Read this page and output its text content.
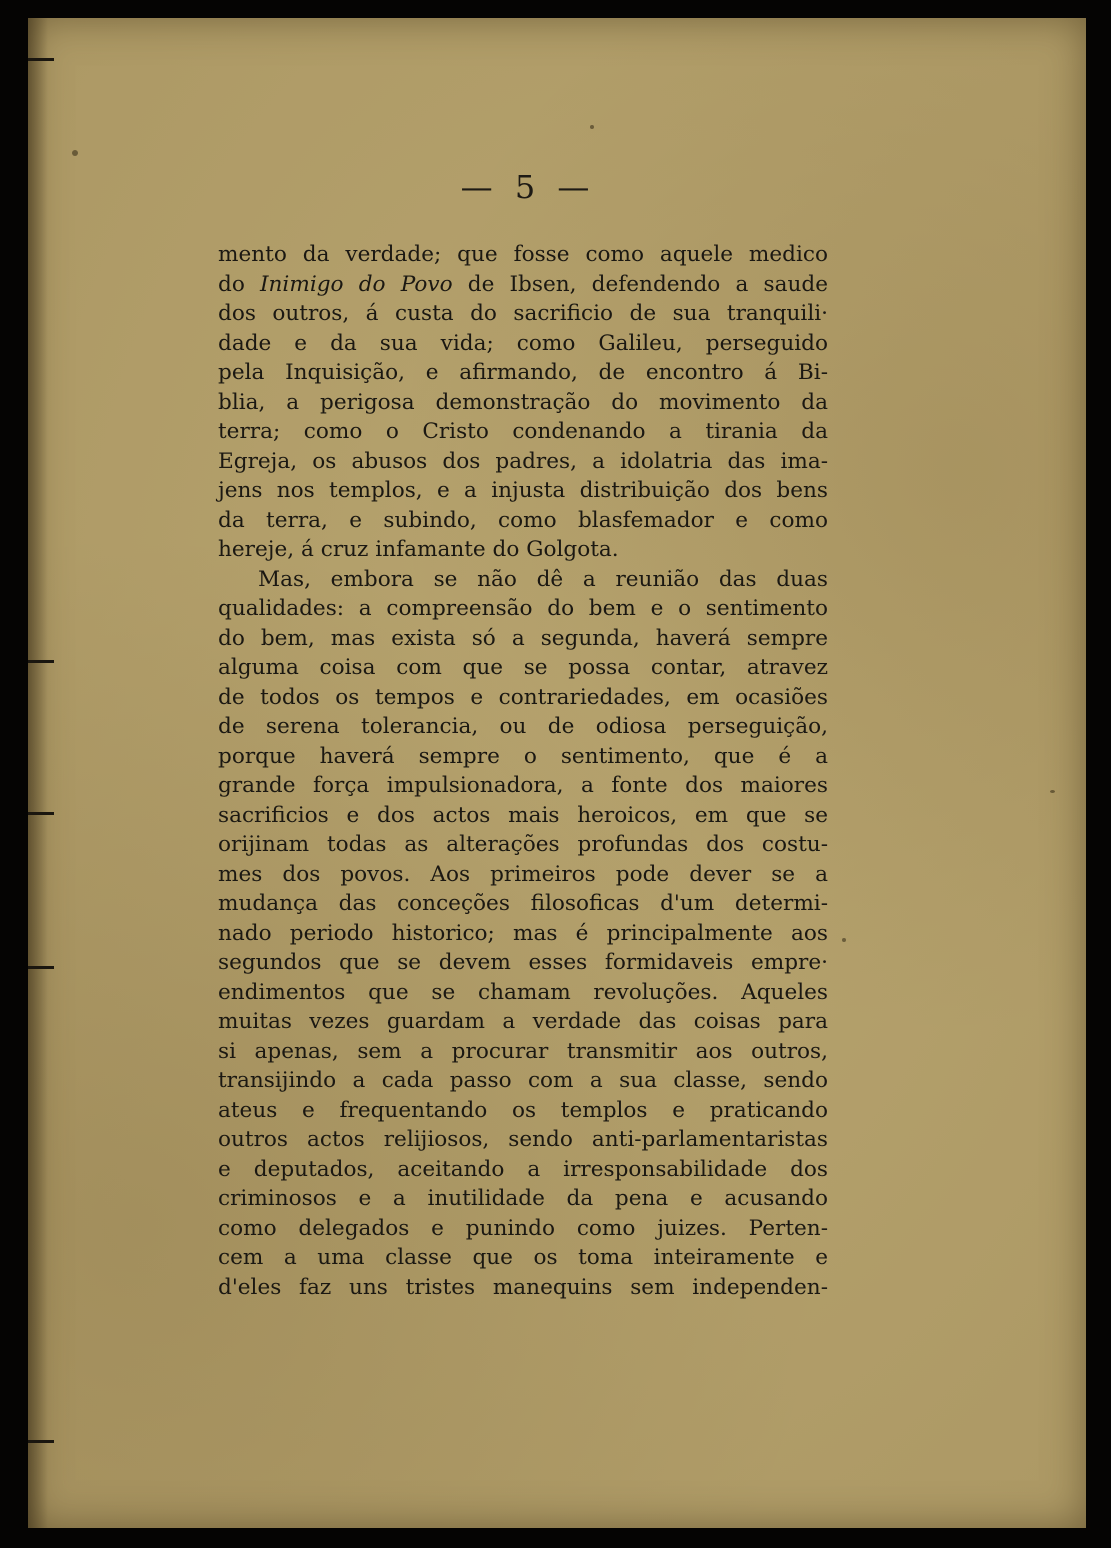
— 5 —
mento da verdade; que fosse como aquele medico
do Inimigo do Povo de Ibsen, defendendo a saude
dos outros, á custa do sacrificio de sua tranquili·
dade e da sua vida; como Galileu, perseguido
pela Inquisição, e afirmando, de encontro á Bi-
blia, a perigosa demonstração do movimento da
terra; como o Cristo condenando a tirania da
Egreja, os abusos dos padres, a idolatria das ima-
jens nos templos, e a injusta distribuição dos bens
da terra, e subindo, como blasfemador e como
hereje, á cruz infamante do Golgota.
Mas, embora se não dê a reunião das duas
qualidades: a compreensão do bem e o sentimento
do bem, mas exista só a segunda, haverá sempre
alguma coisa com que se possa contar, atravez
de todos os tempos e contrariedades, em ocasiões
de serena tolerancia, ou de odiosa perseguição,
porque haverá sempre o sentimento, que é a
grande força impulsionadora, a fonte dos maiores
sacrificios e dos actos mais heroicos, em que se
orijinam todas as alterações profundas dos costu-
mes dos povos. Aos primeiros pode dever se a
mudança das conceções filosoficas d'um determi-
nado periodo historico; mas é principalmente aos
segundos que se devem esses formidaveis empre·
endimentos que se chamam revoluções. Aqueles
muitas vezes guardam a verdade das coisas para
si apenas, sem a procurar transmitir aos outros,
transijindo a cada passo com a sua classe, sendo
ateus e frequentando os templos e praticando
outros actos relijiosos, sendo anti-parlamentaristas
e deputados, aceitando a irresponsabilidade dos
criminosos e a inutilidade da pena e acusando
como delegados e punindo como juizes. Perten-
cem a uma classe que os toma inteiramente e
d'eles faz uns tristes manequins sem independen-
